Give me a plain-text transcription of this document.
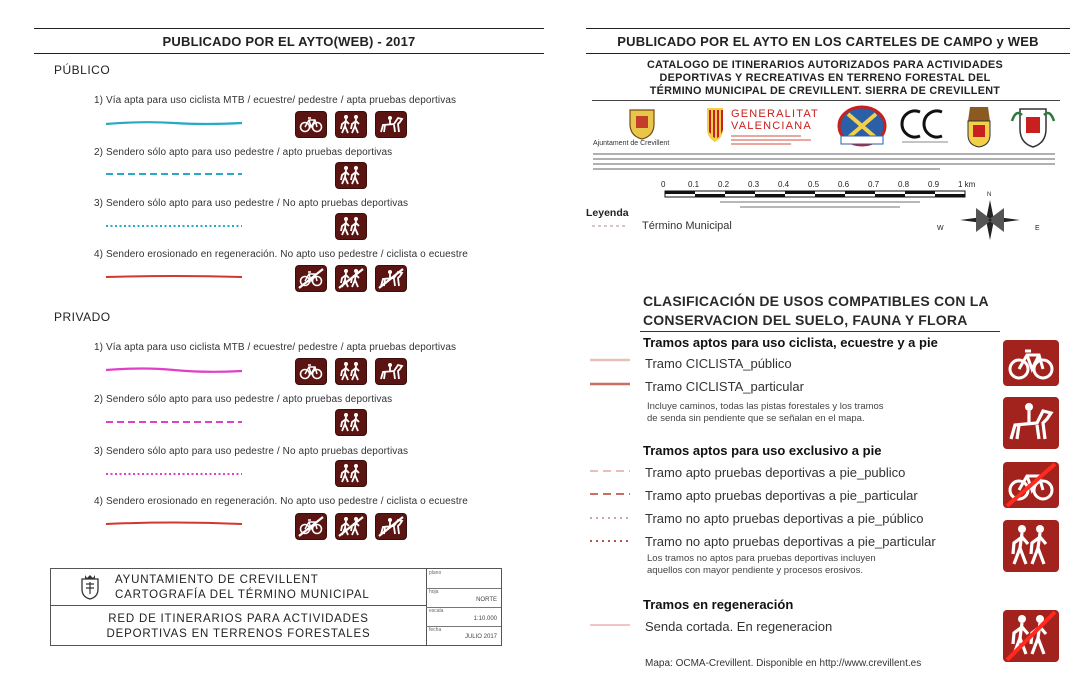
PUBLICADO POR EL AYTO(WEB) - 2017
PÚBLICO
1) Vía apta para uso ciclista MTB / ecuestre/ pedestre / apta pruebas deportivas
2) Sendero sólo apto para uso pedestre / apto pruebas deportivas
3) Sendero sólo apto para uso pedestre / No apto pruebas deportivas
4) Sendero erosionado en regeneración. No apto uso pedestre / ciclista o ecuestre
PRIVADO
1) Vía apta para uso ciclista MTB / ecuestre/ pedestre / apta pruebas deportivas
2) Sendero sólo apto para uso pedestre / apto pruebas deportivas
3) Sendero sólo apto para uso pedestre / No apto pruebas deportivas
4) Sendero erosionado en regeneración. No apto uso pedestre / ciclista o ecuestre
AYUNTAMIENTO DE CREVILLENT
CARTOGRAFÍA DEL TÉRMINO MUNICIPAL
RED DE ITINERARIOS PARA ACTIVIDADES
DEPORTIVAS EN TERRENOS FORESTALES
plano
hoja
NORTE
escala
1:10.000
fecha
JULIO 2017
PUBLICADO POR EL AYTO EN LOS CARTELES DE CAMPO y WEB
CATALOGO DE ITINERARIOS AUTORIZADOS PARA ACTIVIDADES
DEPORTIVAS Y RECREATIVAS EN TERRENO FORESTAL DEL
TÉRMINO MUNICIPAL DE CREVILLENT. SIERRA DE CREVILLENT
Ajuntament de Crevillent
GENERALITAT
VALENCIANA
0	0.1 0.2 0.3 0.4 0.5 0.6 0.7 0.8 0.9 1 km
Leyenda
Término Municipal
N
E
W
CLASIFICACIÓN DE USOS COMPATIBLES CON LA
CONSERVACION DEL SUELO, FAUNA Y FLORA
Tramos aptos para uso ciclista, ecuestre y a pie
Tramo CICLISTA_público
Tramo CICLISTA_particular
Incluye caminos, todas las pistas forestales y los tramos
de senda sin pendiente que se señalan en el mapa.
Tramos aptos para uso exclusivo a pie
Tramo apto pruebas deportivas a pie_publico
Tramo apto pruebas deportivas a pie_particular
Tramo no apto pruebas deportivas a pie_público
Tramo no apto pruebas deportivas a pie_particular
Los tramos no aptos para pruebas deportivas incluyen
aquellos con mayor pendiente y procesos erosivos.
Tramos en regeneración
Senda cortada. En regeneracion
Mapa: OCMA-Crevillent. Disponible en http://www.crevillent.es
